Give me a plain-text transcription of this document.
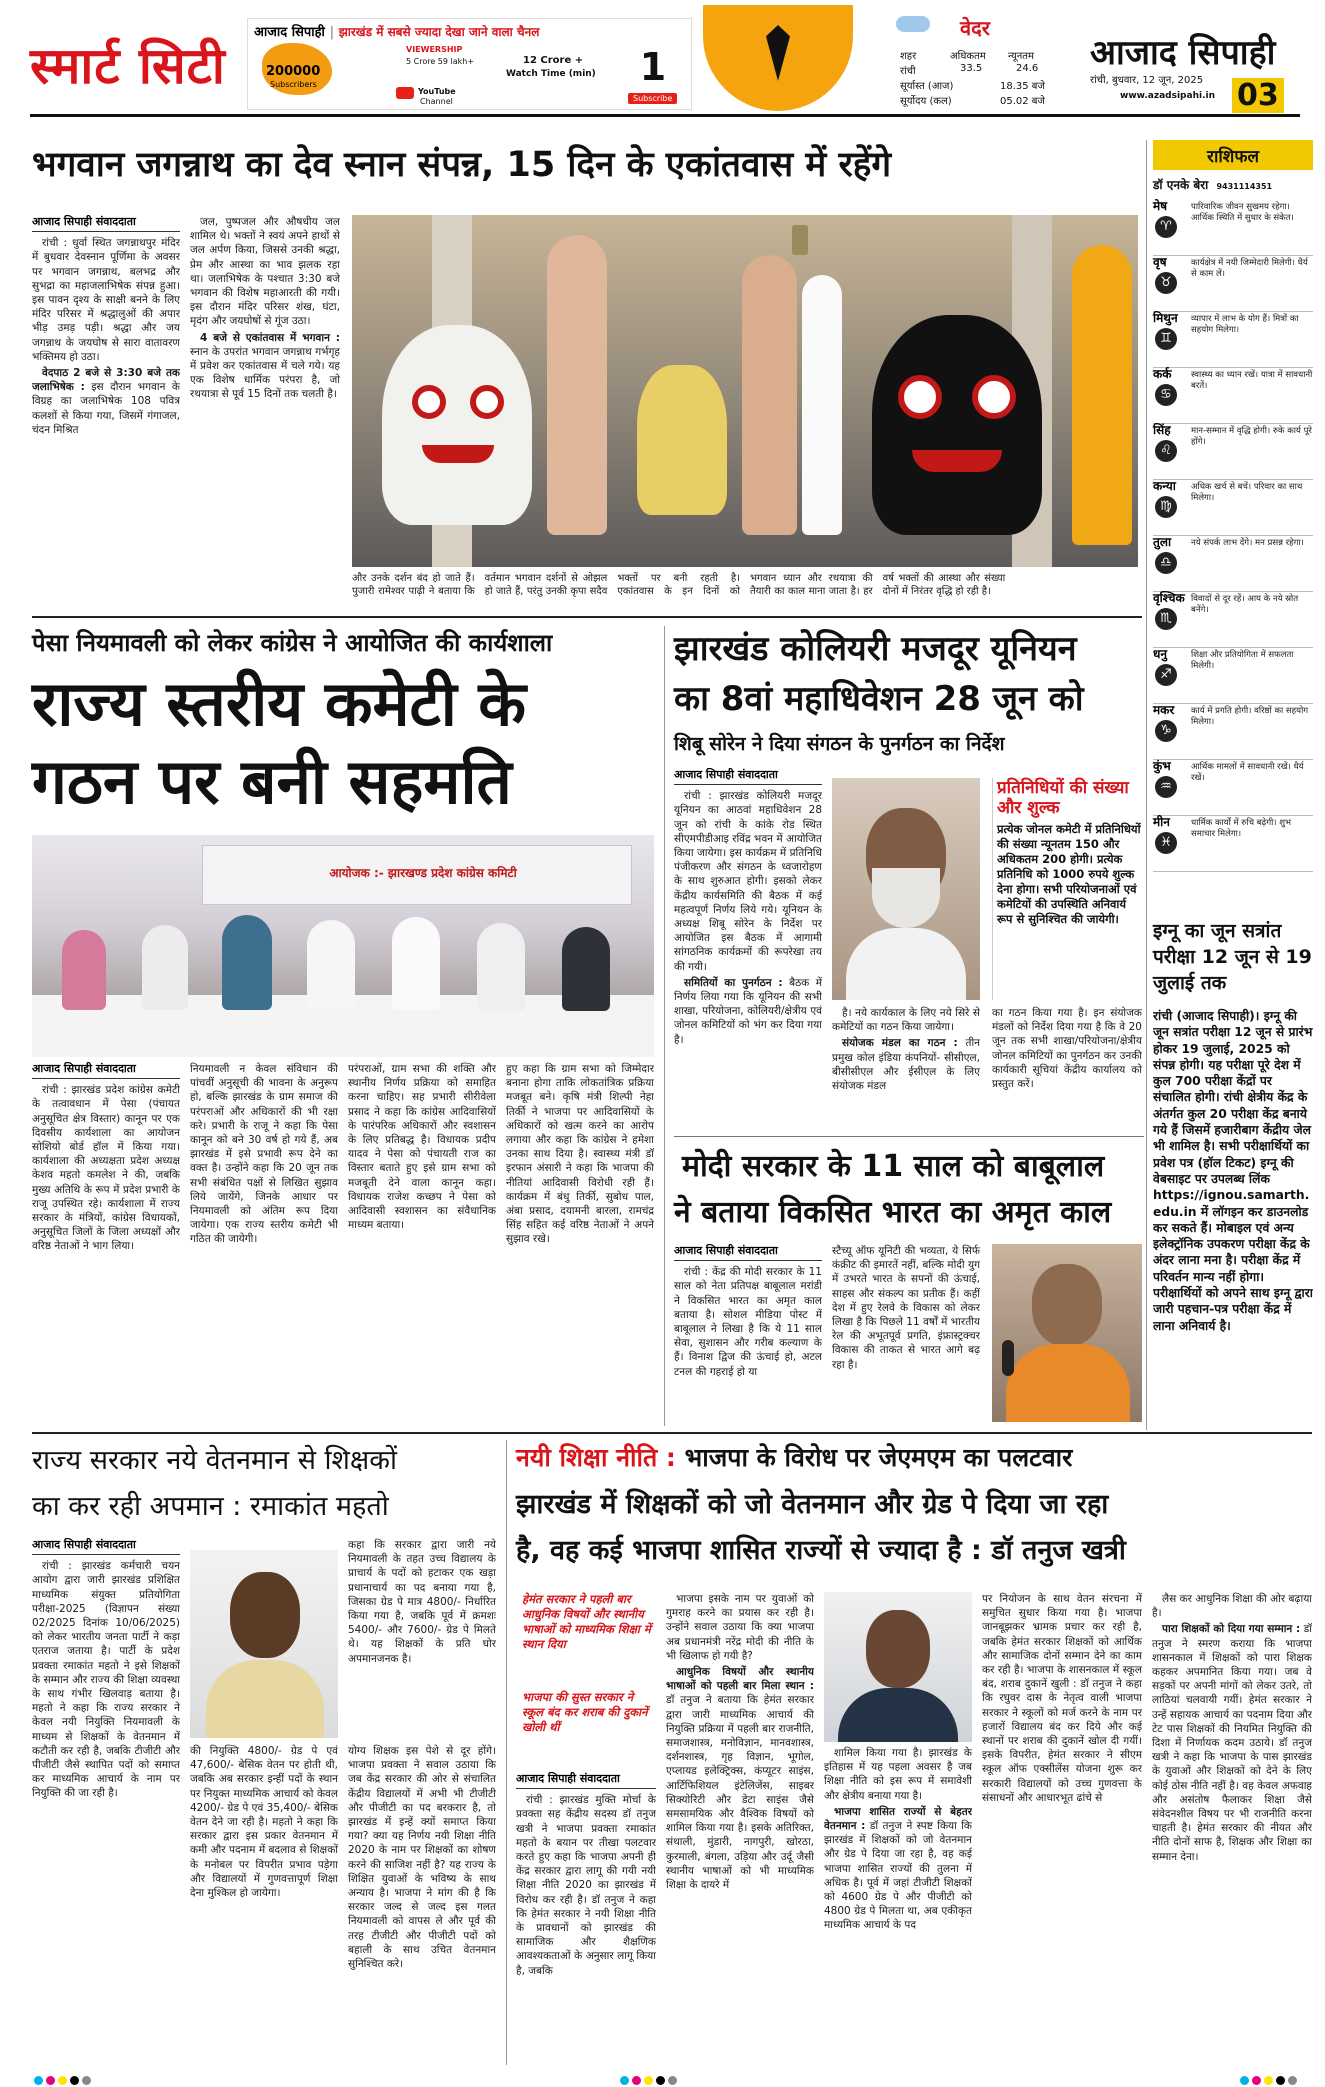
स्मार्ट सिटी
आजाद सिपाही | झारखंड में सबसे ज्यादा देखा जाने वाला चैनल
200000
Subscribers
VIEWERSHIP
5 Crore 59 lakh+	12 Crore +
Watch Time (min)
YouTube
Channel
1
Subscribe
वेदर
शहर	अधिकतम न्यूनतम
रांची	33.5	24.6
सूर्यास्त (आज)	18.35 बजे
सूर्योदय (कल)	05.02 बजे
आजाद सिपाही
रांची, बुधवार, 12 जून, 2025
www.azadsipahi.in 03
भगवान जगन्नाथ का देव स्नान संपन्न, 15 दिन के एकांतवास में रहेंगे	राशिफल
डॉ एनके बेरा 9431114351
मेष
♈
पारिवारिक जीवन सुखमय रहेगा। आर्थिक स्थिति में सुधार के संकेत।
वृष
♉
कार्यक्षेत्र में नयी जिम्मेदारी मिलेगी। धैर्य से काम लें।
मिथुन
♊
व्यापार में लाभ के योग हैं। मित्रों का सहयोग मिलेगा।
कर्क
♋
स्वास्थ्य का ध्यान रखें। यात्रा में सावधानी बरतें।
सिंह
♌
मान-सम्मान में वृद्धि होगी। रुके कार्य पूरे होंगे।
कन्या
♍
अधिक खर्च से बचें। परिवार का साथ मिलेगा।
तुला
♎
नये संपर्क लाभ देंगे। मन प्रसन्न रहेगा।
वृश्चिक
♏
विवादों से दूर रहें। आय के नये स्रोत बनेंगे।
धनु
♐
शिक्षा और प्रतियोगिता में सफलता मिलेगी।
मकर
♑
कार्य में प्रगति होगी। वरिष्ठों का सहयोग मिलेगा।
कुंभ
♒
आर्थिक मामलों में सावधानी रखें। धैर्य रखें।
मीन
♓
धार्मिक कार्यों में रुचि बढ़ेगी। शुभ समाचार मिलेगा।
आजाद सिपाही संवाददाता

रांची : धुर्वा स्थित जगन्नाथपुर मंदिर में बुधवार देवस्नान पूर्णिमा के अवसर पर भगवान जगन्नाथ, बलभद्र और सुभद्रा का महाजलाभिषेक संपन्न हुआ। इस पावन दृश्य के साक्षी बनने के लिए मंदिर परिसर में श्रद्धालुओं की अपार भीड़ उमड़ पड़ी। श्रद्धा और जय जगन्नाथ के जयघोष से सारा वातावरण भक्तिमय हो उठा।

वेदपाठ 2 बजे से 3:30 बजे तक जलाभिषेक : इस दौरान भगवान के विग्रह का जलाभिषेक 108 पवित्र कलशों से किया गया, जिसमें गंगाजल, चंदन मिश्रित

जल, पुष्पजल और औषधीय जल शामिल थे। भक्तों ने स्वयं अपने हाथों से जल अर्पण किया, जिससे उनकी श्रद्धा, प्रेम और आस्था का भाव झलक रहा था। जलाभिषेक के पश्चात 3:30 बजे भगवान की विशेष महाआरती की गयी। इस दौरान मंदिर परिसर शंख, घंटा, मृदंग और जयघोषों से गूंज उठा।

4 बजे से एकांतवास में भगवान : स्नान के उपरांत भगवान जगन्नाथ गर्भगृह में प्रवेश कर एकांतवास में चले गये। यह एक विशेष धार्मिक परंपरा है, जो रथयात्रा से पूर्व 15 दिनों तक चलती है।

और उनके दर्शन बंद हो जाते हैं। पुजारी रामेश्वर पाढ़ी ने बताया कि वर्तमान भगवान दर्शनों से ओझल हो जाते हैं, परंतु उनकी कृपा सदैव भक्तों पर बनी रहती है। एकांतवास के इन दिनों को भगवान ध्यान और रथयात्रा की तैयारी का काल माना जाता है। हर वर्ष भक्तों की आस्था और संख्या दोनों में निरंतर वृद्धि हो रही है।
पेसा नियमावली को लेकर कांग्रेस ने आयोजित की कार्यशाला
राज्य स्तरीय कमेटी के
गठन पर बनी सहमति
आयोजक :- झारखण्ड प्रदेश कांग्रेस कमिटी
आजाद सिपाही संवाददाता

रांची : झारखंड प्रदेश कांग्रेस कमेटी के तत्वावधान में पेसा (पंचायत अनुसूचित क्षेत्र विस्तार) कानून पर एक दिवसीय कार्यशाला का आयोजन सोशियो बोर्ड हॉल में किया गया। कार्यशाला की अध्यक्षता प्रदेश अध्यक्ष केशव महतो कमलेश ने की, जबकि मुख्य अतिथि के रूप में प्रदेश प्रभारी के राजू उपस्थित रहे। कार्यशाला में राज्य सरकार के मंत्रियों, कांग्रेस विधायकों, अनुसूचित जिलों के जिला अध्यक्षों और वरिष्ठ नेताओं ने भाग लिया।

नियमावली न केवल संविधान की पांचवीं अनुसूची की भावना के अनुरूप हो, बल्कि झारखंड के ग्राम समाज की परंपराओं और अधिकारों की भी रक्षा करे। प्रभारी के राजू ने कहा कि पेसा कानून को बने 30 वर्ष हो गये हैं, अब झारखंड में इसे प्रभावी रूप देने का वक्त है। उन्होंने कहा कि 20 जून तक सभी संबंधित पक्षों से लिखित सुझाव लिये जायेंगे, जिनके आधार पर नियमावली को अंतिम रूप दिया जायेगा। एक राज्य स्तरीय कमेटी भी गठित की जायेगी।
परंपराओं, ग्राम सभा की शक्ति और स्थानीय निर्णय प्रक्रिया को समाहित करना चाहिए। सह प्रभारी सीरीवेला प्रसाद ने कहा कि कांग्रेस आदिवासियों के पारंपरिक अधिकारों और स्वशासन के लिए प्रतिबद्ध है। विधायक प्रदीप यादव ने पेसा को पंचायती राज का विस्तार बताते हुए इसे ग्राम सभा को मजबूती देने वाला कानून कहा। विधायक राजेश कच्छप ने पेसा को आदिवासी स्वशासन का संवैधानिक माध्यम बताया।
हुए कहा कि ग्राम सभा को जिम्मेदार बनाना होगा ताकि लोकतांत्रिक प्रक्रिया मजबूत बने। कृषि मंत्री शिल्पी नेहा तिर्की ने भाजपा पर आदिवासियों के अधिकारों को खत्म करने का आरोप लगाया और कहा कि कांग्रेस ने हमेशा उनका साथ दिया है। स्वास्थ्य मंत्री डॉ इरफान अंसारी ने कहा कि भाजपा की नीतियां आदिवासी विरोधी रही हैं। कार्यक्रम में बंधु तिर्की, सुबोध पाल, अंबा प्रसाद, दयामनी बारला, रामचंद्र सिंह सहित कई वरिष्ठ नेताओं ने अपने सुझाव रखे।
झारखंड कोलियरी मजदूर यूनियन
का 8वां महाधिवेशन 28 जून को
शिबू सोरेन ने दिया संगठन के पुनर्गठन का निर्देश
आजाद सिपाही संवाददाता

रांची : झारखंड कोलियरी मजदूर यूनियन का आठवां महाधिवेशन 28 जून को रांची के कांके रोड स्थित सीएमपीडीआइ रविंद्र भवन में आयोजित किया जायेगा। इस कार्यक्रम में प्रतिनिधि पंजीकरण और संगठन के ध्वजारोहण के साथ शुरुआत होगी। इसको लेकर केंद्रीय कार्यसमिति की बैठक में कई महत्वपूर्ण निर्णय लिये गये। यूनियन के अध्यक्ष शिबू सोरेन के निर्देश पर आयोजित इस बैठक में आगामी सांगठनिक कार्यक्रमों की रूपरेखा तय की गयी।

समितियों का पुनर्गठन : बैठक में निर्णय लिया गया कि यूनियन की सभी शाखा, परियोजना, कोलियरी/क्षेत्रीय एवं जोनल कमिटियों को भंग कर दिया गया है।

है। नये कार्यकाल के लिए नये सिरे से कमेटियों का गठन किया जायेगा।

संयोजक मंडल का गठन : तीन प्रमुख कोल इंडिया कंपनियों- सीसीएल, बीसीसीएल और ईसीएल के लिए संयोजक मंडल

प्रतिनिधियों की संख्या और शुल्क
प्रत्येक जोनल कमेटी में प्रतिनिधियों की संख्या न्यूनतम 150 और अधिकतम 200 होगी। प्रत्येक प्रतिनिधि को 1000 रुपये शुल्क देना होगा। सभी परियोजनाओं एवं कमेटियों की उपस्थिति अनिवार्य रूप से सुनिश्चित की जायेगी।
का गठन किया गया है। इन संयोजक मंडलों को निर्देश दिया गया है कि वे 20 जून तक सभी शाखा/परियोजना/क्षेत्रीय जोनल कमिटियों का पुनर्गठन कर उनकी कार्यकारी सूचियां केंद्रीय कार्यालय को प्रस्तुत करें।
मोदी सरकार के 11 साल को बाबूलाल
ने बताया विकसित भारत का अमृत काल
आजाद सिपाही संवाददाता

रांची : केंद्र की मोदी सरकार के 11 साल को नेता प्रतिपक्ष बाबूलाल मरांडी ने विकसित भारत का अमृत काल बताया है। सोशल मीडिया पोस्ट में बाबूलाल ने लिखा है कि ये 11 साल सेवा, सुशासन और गरीब कल्याण के हैं। विनाश द्विज की ऊंचाई हो, अटल टनल की गहराई हो या

स्टैच्यू ऑफ यूनिटी की भव्यता, ये सिर्फ कंक्रीट की इमारतें नहीं, बल्कि मोदी युग में उभरते भारत के सपनों की ऊंचाई, साहस और संकल्प का प्रतीक हैं। कहीं देश में हुए रेलवे के विकास को लेकर लिखा है कि पिछले 11 वर्षों में भारतीय रेल की अभूतपूर्व प्रगति, इंफ्रास्ट्रक्चर विकास की ताकत से भारत आगे बढ़ रहा है।
इग्नू का जून सत्रांत परीक्षा 12 जून से 19 जुलाई तक
रांची (आजाद सिपाही)। इग्नू की जून सत्रांत परीक्षा 12 जून से प्रारंभ होकर 19 जुलाई, 2025 को संपन्न होगी। यह परीक्षा पूरे देश में कुल 700 परीक्षा केंद्रों पर संचालित होगी। रांची क्षेत्रीय केंद्र के अंतर्गत कुल 20 परीक्षा केंद्र बनाये गये हैं जिसमें हजारीबाग केंद्रीय जेल भी शामिल है। सभी परीक्षार्थियों का प्रवेश पत्र (हॉल टिकट) इग्नू की वेबसाइट पर उपलब्ध लिंक https://ignou.samarth.edu.in में लॉगइन कर डाउनलोड कर सकते हैं। मोबाइल एवं अन्य इलेक्ट्रॉनिक उपकरण परीक्षा केंद्र के अंदर लाना मना है। परीक्षा केंद्र में परिवर्तन मान्य नहीं होगा। परीक्षार्थियों को अपने साथ इग्नू द्वारा जारी पहचान-पत्र परीक्षा केंद्र में लाना अनिवार्य है।
राज्य सरकार नये वेतनमान से शिक्षकों
का कर रही अपमान : रमाकांत महतो
आजाद सिपाही संवाददाता

रांची : झारखंड कर्मचारी चयन आयोग द्वारा जारी झारखंड प्रशिक्षित माध्यमिक संयुक्त प्रतियोगिता परीक्षा-2025 (विज्ञापन संख्या 02/2025 दिनांक 10/06/2025) को लेकर भारतीय जनता पार्टी ने कड़ा एतराज जताया है। पार्टी के प्रदेश प्रवक्ता रमाकांत महतो ने इसे शिक्षकों के सम्मान और राज्य की शिक्षा व्यवस्था के साथ गंभीर खिलवाड़ बताया है। महतो ने कहा कि राज्य सरकार ने केवल नयी नियुक्ति नियमावली के माध्यम से शिक्षकों के वेतनमान में कटौती कर रही है, जबकि टीजीटी और पीजीटी जैसे स्थापित पदों को समाप्त कर माध्यमिक आचार्य के नाम पर नियुक्ति की जा रही है।

कहा कि सरकार द्वारा जारी नये नियमावली के तहत उच्च विद्यालय के प्राचार्य के पदों को हटाकर एक खड़ा प्रधानाचार्य का पद बनाया गया है, जिसका ग्रेड पे मात्र 4800/- निर्धारित किया गया है, जबकि पूर्व में क्रमशः 5400/- और 7600/- ग्रेड पे मिलते थे। यह शिक्षकों के प्रति घोर अपमानजनक है।
की नियुक्ति 4800/- ग्रेड पे एवं 47,600/- बेसिक वेतन पर होती थी, जबकि अब सरकार इन्हीं पदों के स्थान पर नियुक्त माध्यमिक आचार्य को केवल 4200/- ग्रेड पे एवं 35,400/- बेसिक वेतन देने जा रही है। महतो ने कहा कि सरकार द्वारा इस प्रकार वेतनमान में कमी और पदनाम में बदलाव से शिक्षकों के मनोबल पर विपरीत प्रभाव पड़ेगा और विद्यालयों में गुणवत्तापूर्ण शिक्षा देना मुश्किल हो जायेगा।
योग्य शिक्षक इस पेशे से दूर होंगे। भाजपा प्रवक्ता ने सवाल उठाया कि जब केंद्र सरकार की ओर से संचालित केंद्रीय विद्यालयों में अभी भी टीजीटी और पीजीटी का पद बरकरार है, तो झारखंड में इन्हें क्यों समाप्त किया गया? क्या यह निर्णय नयी शिक्षा नीति 2020 के नाम पर शिक्षकों का शोषण करने की साजिश नहीं है? यह राज्य के शिक्षित युवाओं के भविष्य के साथ अन्याय है। भाजपा ने मांग की है कि सरकार जल्द से जल्द इस गलत नियमावली को वापस ले और पूर्व की तरह टीजीटी और पीजीटी पदों को बहाली के साथ उचित वेतनमान सुनिश्चित करे।
नयी शिक्षा नीति : भाजपा के विरोध पर जेएमएम का पलटवार
झारखंड में शिक्षकों को जो वेतनमान और ग्रेड पे दिया जा रहा
है, वह कई भाजपा शासित राज्यों से ज्यादा है : डॉ तनुज खत्री
हेमंत सरकार ने पहली बार आधुनिक विषयों और स्थानीय भाषाओं को माध्यमिक शिक्षा में स्थान दिया
भाजपा की सुस्त सरकार ने स्कूल बंद कर शराब की दुकानें खोली थीं
आजाद सिपाही संवाददाता

रांची : झारखंड मुक्ति मोर्चा के प्रवक्ता सह केंद्रीय सदस्य डॉ तनुज खत्री ने भाजपा प्रवक्ता रमाकांत महतो के बयान पर तीखा पलटवार करते हुए कहा कि भाजपा अपनी ही केंद्र सरकार द्वारा लागू की गयी नयी शिक्षा नीति 2020 का झारखंड में विरोध कर रही है। डॉ तनुज ने कहा कि हेमंत सरकार ने नयी शिक्षा नीति के प्रावधानों को झारखंड की सामाजिक और शैक्षणिक आवश्यकताओं के अनुसार लागू किया है, जबकि

भाजपा इसके नाम पर युवाओं को गुमराह करने का प्रयास कर रही है। उन्होंने सवाल उठाया कि क्या भाजपा अब प्रधानमंत्री नरेंद्र मोदी की नीति के भी खिलाफ हो गयी है?

आधुनिक विषयों और स्थानीय भाषाओं को पहली बार मिला स्थान : डॉ तनुज ने बताया कि हेमंत सरकार द्वारा जारी माध्यमिक आचार्य की नियुक्ति प्रक्रिया में पहली बार राजनीति, समाजशास्त्र, मनोविज्ञान, मानवशास्त्र, दर्शनशास्त्र, गृह विज्ञान, भूगोल, एप्लायड इलेक्ट्रिक्स, कंप्यूटर साइंस, आर्टिफिशियल इंटेलिजेंस, साइबर सिक्योरिटी और डेटा साइंस जैसे समसामयिक और वैश्विक विषयों को शामिल किया गया है। इसके अतिरिक्त, संथाली, मुंडारी, नागपुरी, खोरठा, कुरमाली, बंगला, उड़िया और उर्दू जैसी स्थानीय भाषाओं को भी माध्यमिक शिक्षा के दायरे में

शामिल किया गया है। झारखंड के इतिहास में यह पहला अवसर है जब शिक्षा नीति को इस रूप में समावेशी और क्षेत्रीय बनाया गया है।

भाजपा शासित राज्यों से बेहतर वेतनमान : डॉ तनुज ने स्पष्ट किया कि झारखंड में शिक्षकों को जो वेतनमान और ग्रेड पे दिया जा रहा है, वह कई भाजपा शासित राज्यों की तुलना में अधिक है। पूर्व में जहां टीजीटी शिक्षकों को 4600 ग्रेड पे और पीजीटी को 4800 ग्रेड पे मिलता था, अब एकीकृत माध्यमिक आचार्य के पद

पर नियोजन के साथ वेतन संरचना में समुचित सुधार किया गया है। भाजपा जानबूझकर भ्रामक प्रचार कर रही है, जबकि हेमंत सरकार शिक्षकों को आर्थिक और सामाजिक दोनों सम्मान देने का काम कर रही है। भाजपा के शासनकाल में स्कूल बंद, शराब दुकानें खुली : डॉ तनुज ने कहा कि रघुवर दास के नेतृत्व वाली भाजपा सरकार ने स्कूलों को मर्ज करने के नाम पर हजारों विद्यालय बंद कर दिये और कई स्थानों पर शराब की दुकानें खोल दी गयीं। इसके विपरीत, हेमंत सरकार ने सीएम स्कूल ऑफ एक्सीलेंस योजना शुरू कर सरकारी विद्यालयों को उच्च गुणवत्ता के संसाधनों और आधारभूत ढांचे से

लैस कर आधुनिक शिक्षा की ओर बढ़ाया है।

पारा शिक्षकों को दिया गया सम्मान : डॉ तनुज ने स्मरण कराया कि भाजपा शासनकाल में शिक्षकों को पारा शिक्षक कहकर अपमानित किया गया। जब वे सड़कों पर अपनी मांगों को लेकर उतरे, तो लाठियां चलवायी गयीं। हेमंत सरकार ने उन्हें सहायक आचार्य का पदनाम दिया और टेट पास शिक्षकों की नियमित नियुक्ति की दिशा में निर्णायक कदम उठाये। डॉ तनुज खत्री ने कहा कि भाजपा के पास झारखंड के युवाओं और शिक्षकों को देने के लिए कोई ठोस नीति नहीं है। वह केवल अफवाह और असंतोष फैलाकर शिक्षा जैसे संवेदनशील विषय पर भी राजनीति करना चाहती है। हेमंत सरकार की नीयत और नीति दोनों साफ है, शिक्षक और शिक्षा का सम्मान देना।
